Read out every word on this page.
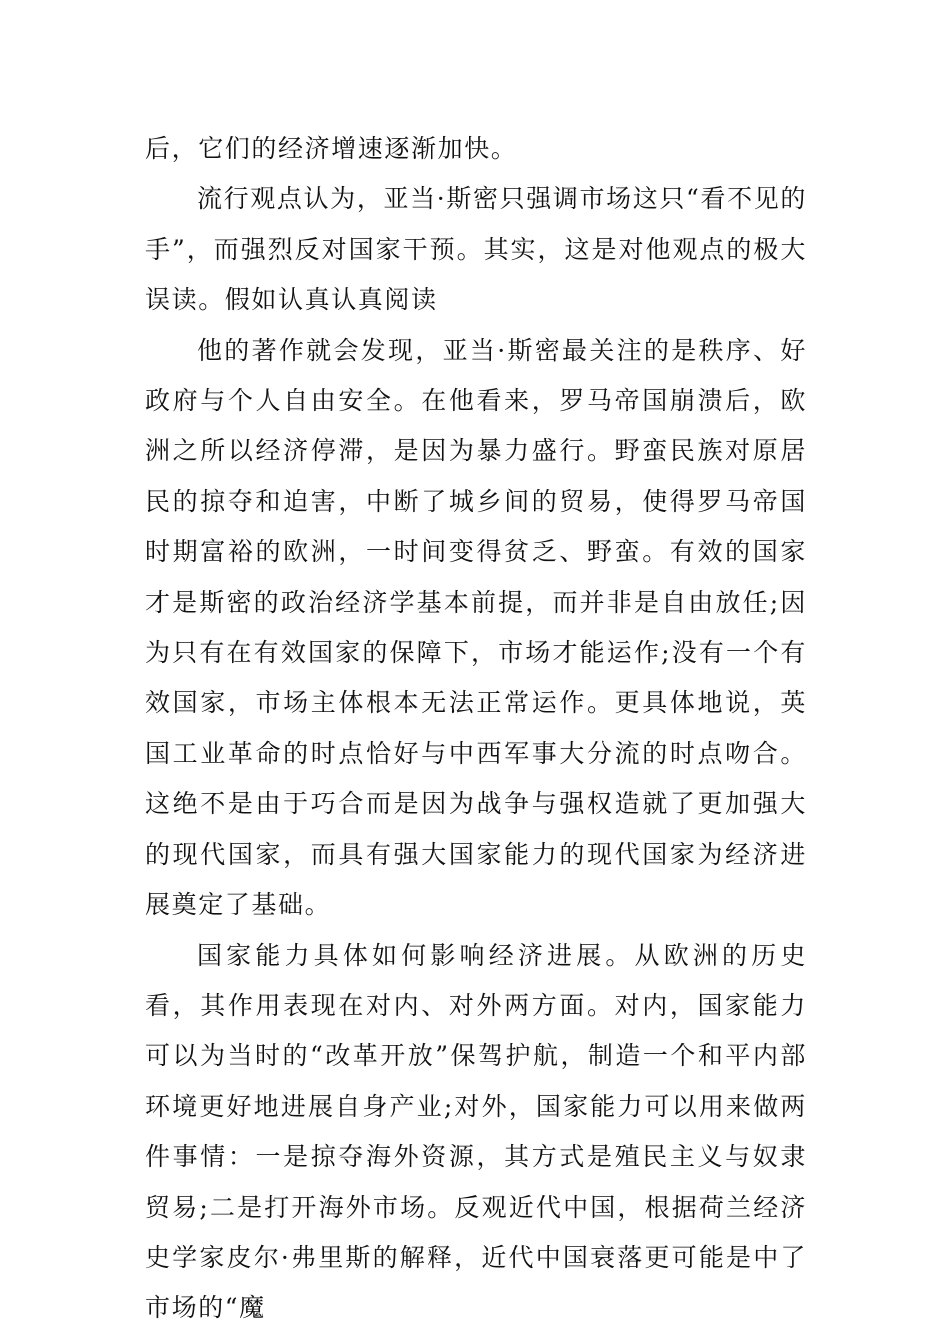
后，它们的经济增速逐渐加快。

流行观点认为，亚当·斯密只强调市场这只“看不见的手”，而强烈反对国家干预。其实，这是对他观点的极大误读。假如认真认真阅读

他的著作就会发现，亚当·斯密最关注的是秩序、好政府与个人自由安全。在他看来，罗马帝国崩溃后，欧洲之所以经济停滞，是因为暴力盛行。野蛮民族对原居民的掠夺和迫害，中断了城乡间的贸易，使得罗马帝国时期富裕的欧洲，一时间变得贫乏、野蛮。有效的国家才是斯密的政治经济学基本前提，而并非是自由放任;因为只有在有效国家的保障下，市场才能运作;没有一个有效国家，市场主体根本无法正常运作。更具体地说，英国工业革命的时点恰好与中西军事大分流的时点吻合。这绝不是由于巧合而是因为战争与强权造就了更加强大的现代国家，而具有强大国家能力的现代国家为经济进展奠定了基础。

国家能力具体如何影响经济进展。从欧洲的历史看，其作用表现在对内、对外两方面。对内，国家能力可以为当时的“改革开放”保驾护航，制造一个和平内部环境更好地进展自身产业;对外，国家能力可以用来做两件事情：一是掠夺海外资源，其方式是殖民主义与奴隶贸易;二是打开海外市场。反观近代中国，根据荷兰经济史学家皮尔·弗里斯的解释，近代中国衰落更可能是中了市场的“魔
